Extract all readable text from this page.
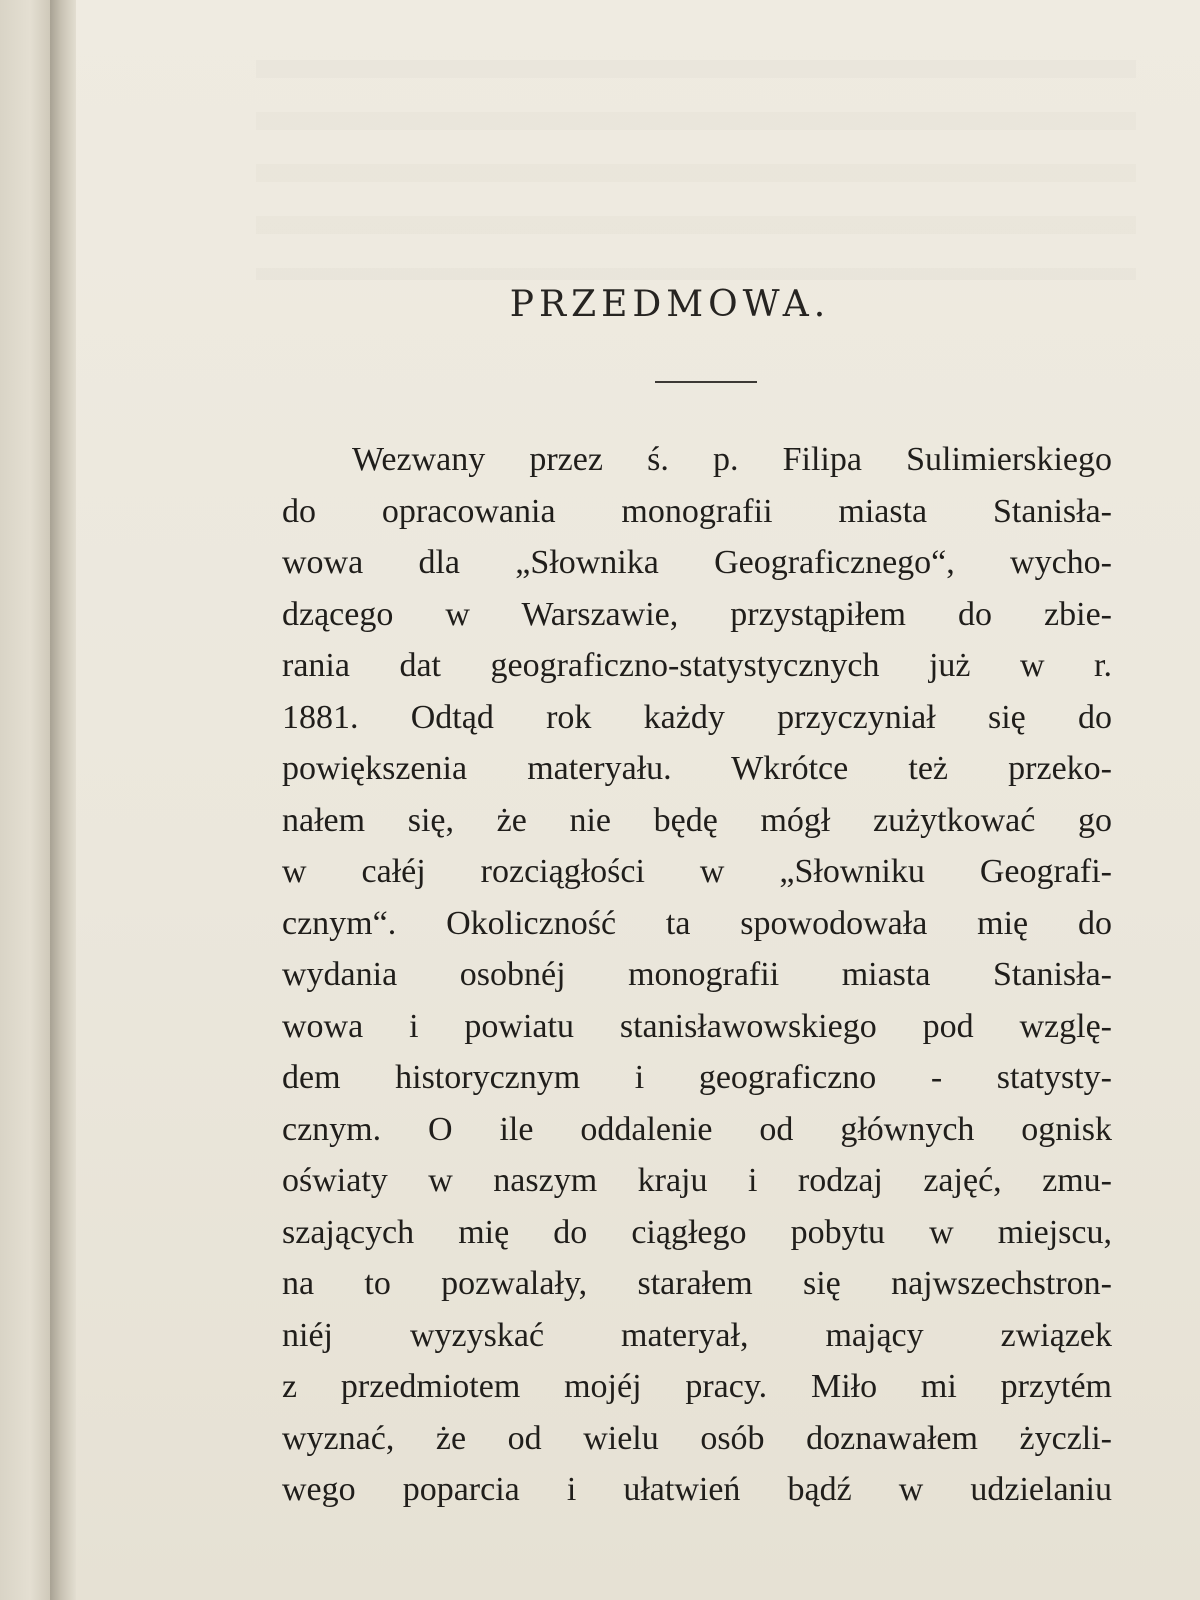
PRZEDMOWA.
Wezwany przez ś. p. Filipa Sulimierskiego
do opracowania monografii miasta Stanisła-
wowa dla „Słownika Geograficznego“, wycho-
dzącego w Warszawie, przystąpiłem do zbie-
rania dat geograficzno-statystycznych już w r.
1881. Odtąd rok każdy przyczyniał się do
powiększenia materyału. Wkrótce też przeko-
nałem się, że nie będę mógł zużytkować go
w całéj rozciągłości w „Słowniku Geografi-
cznym“. Okoliczność ta spowodowała mię do
wydania osobnéj monografii miasta Stanisła-
wowa i powiatu stanisławowskiego pod wzglę-
dem historycznym i geograficzno - statysty-
cznym. O ile oddalenie od głównych ognisk
oświaty w naszym kraju i rodzaj zajęć, zmu-
szających mię do ciągłego pobytu w miejscu,
na to pozwalały, starałem się najwszechstron-
niéj wyzyskać materyał, mający związek
z przedmiotem mojéj pracy. Miło mi przytém
wyznać, że od wielu osób doznawałem życzli-
wego poparcia i ułatwień bądź w udzielaniu
